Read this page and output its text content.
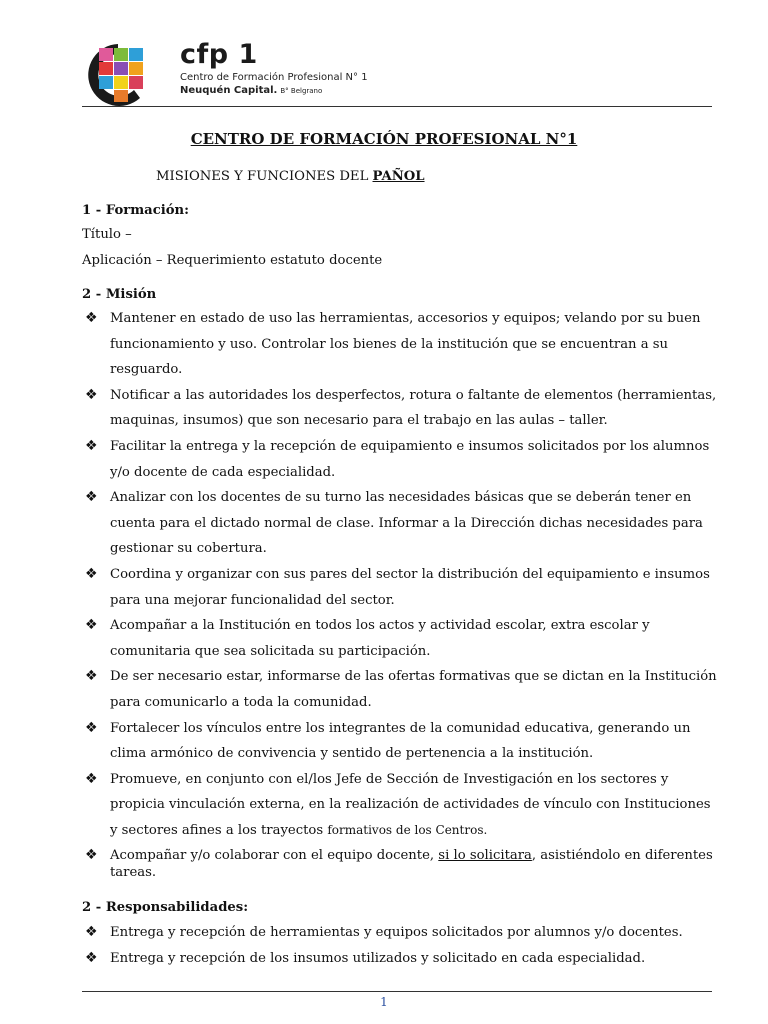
cfp 1
Centro de Formación Profesional N° 1
Neuquén Capital. B° Belgrano
CENTRO DE FORMACIÓN PROFESIONAL N°1
MISIONES Y FUNCIONES DEL PAÑOL
1 - Formación:
Título –
Aplicación – Requerimiento estatuto docente
2 - Misión
❖ Mantener en estado de uso las herramientas, accesorios y equipos; velando por su buen funcionamiento y uso. Controlar los bienes de la institución que se encuentran a su resguardo.
❖ Notificar a las autoridades los desperfectos, rotura o faltante de elementos (herramientas, maquinas, insumos) que son necesario para el trabajo en las aulas – taller.
❖ Facilitar la entrega y la recepción de equipamiento e insumos solicitados por los alumnos y/o docente de cada especialidad.
❖ Analizar con los docentes de su turno las necesidades básicas que se deberán tener en cuenta para el dictado normal de clase. Informar a la Dirección dichas necesidades para gestionar su cobertura.
❖ Coordina y organizar con sus pares del sector la distribución del equipamiento e insumos para una mejorar funcionalidad del sector.
❖ Acompañar a la Institución en todos los actos y actividad escolar, extra escolar y comunitaria que sea solicitada su participación.
❖ De ser necesario estar, informarse de las ofertas formativas que se dictan en la Institución para comunicarlo a toda la comunidad.
❖ Fortalecer los vínculos entre los integrantes de la comunidad educativa, generando un clima armónico de convivencia y sentido de pertenencia a la institución.
❖ Promueve, en conjunto con el/los Jefe de Sección de Investigación en los sectores y propicia vinculación externa, en la realización de actividades de vínculo con Instituciones y sectores afines a los trayectos formativos de los Centros.
❖ Acompañar y/o colaborar con el equipo docente, si lo solicitara, asistiéndolo en diferentes tareas.
2 - Responsabilidades:
❖ Entrega y recepción de herramientas y equipos solicitados por alumnos y/o docentes.
❖ Entrega y recepción de los insumos utilizados y solicitado en cada especialidad.
1
